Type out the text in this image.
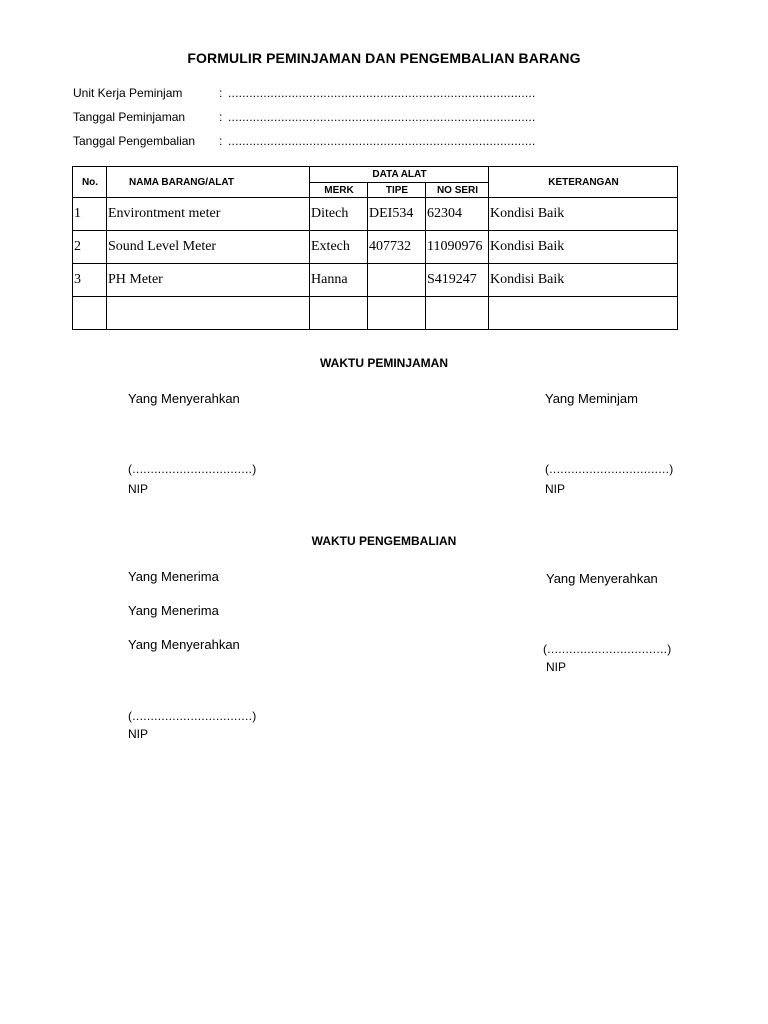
FORMULIR PEMINJAMAN DAN PENGEMBALIAN BARANG
Unit Kerja Peminjam	: .......................................................................................
Tanggal Peminjaman	: .......................................................................................
Tanggal Pengembalian : .......................................................................................
No.	NAMA BARANG/ALAT	DATA ALAT			KETERANGAN
		MERK	TIPE	NO SERI	
1	Environtment meter	Ditech	DEI534	62304	Kondisi Baik
2	Sound Level Meter	Extech	407732	11090976	Kondisi Baik
3	PH Meter	Hanna		S419247	Kondisi Baik

WAKTU PEMINJAMAN
Yang Menyerahkan	Yang Meminjam
(.................................)	(.................................)
NIP	NIP
WAKTU PENGEMBALIAN
Yang Menerima
Yang Menerima
Yang Menyerahkan
Yang Menyerahkan
(.................................)
NIP
(.................................)
NIP
